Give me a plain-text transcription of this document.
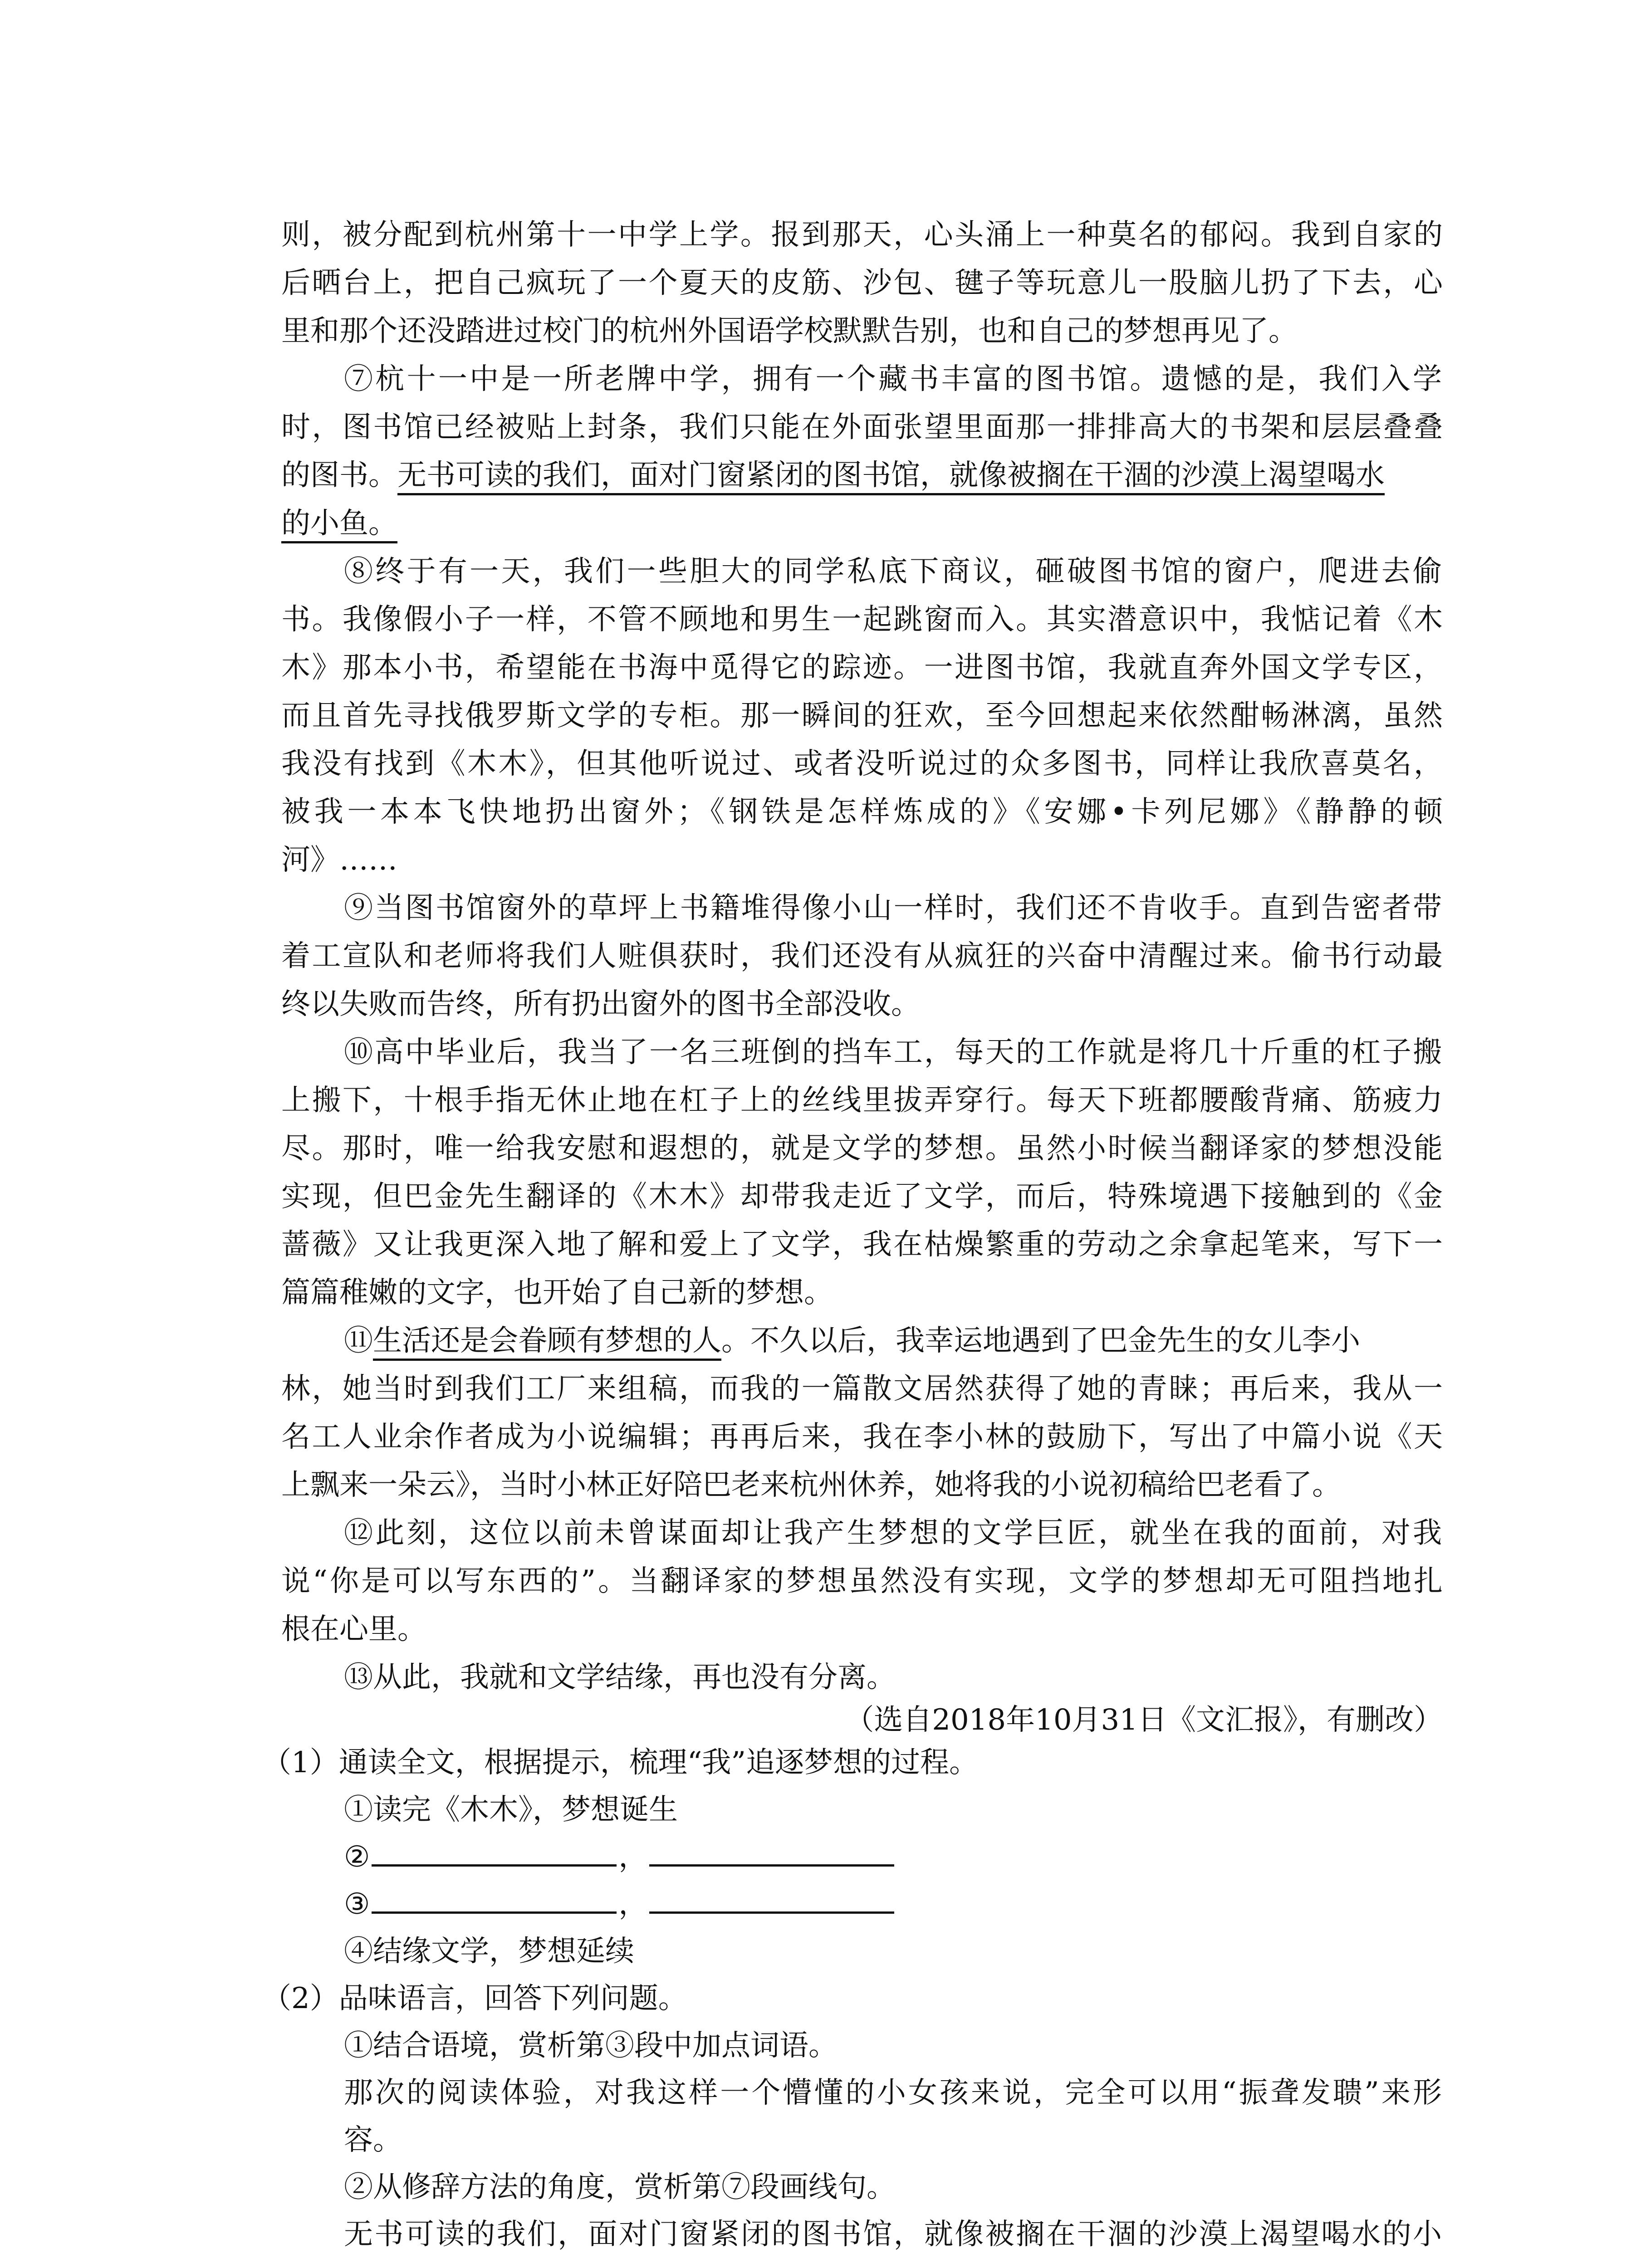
则，被分配到杭州第十一中学上学。报到那天，心头涌上一种莫名的郁闷。我到自家的
后晒台上，把自己疯玩了一个夏天的皮筋、沙包、毽子等玩意儿一股脑儿扔了下去，心
里和那个还没踏进过校门的杭州外国语学校默默告别，也和自己的梦想再见了。
⑦杭十一中是一所老牌中学，拥有一个藏书丰富的图书馆。遗憾的是，我们入学
时，图书馆已经被贴上封条，我们只能在外面张望里面那一排排高大的书架和层层叠叠
的图书。无书可读的我们，面对门窗紧闭的图书馆，就像被搁在干涸的沙漠上渴望喝水
的小鱼。
⑧终于有一天，我们一些胆大的同学私底下商议，砸破图书馆的窗户，爬进去偷
书。我像假小子一样，不管不顾地和男生一起跳窗而入。其实潜意识中，我惦记着《木
木》那本小书，希望能在书海中觅得它的踪迹。一进图书馆，我就直奔外国文学专区，
而且首先寻找俄罗斯文学的专柜。那一瞬间的狂欢，至今回想起来依然酣畅淋漓，虽然
我没有找到《木木》，但其他听说过、或者没听说过的众多图书，同样让我欣喜莫名，
被我一本本飞快地扔出窗外；《钢铁是怎样炼成的》《安娜•卡列尼娜》《静静的顿
河》……
⑨当图书馆窗外的草坪上书籍堆得像小山一样时，我们还不肯收手。直到告密者带
着工宣队和老师将我们人赃俱获时，我们还没有从疯狂的兴奋中清醒过来。偷书行动最
终以失败而告终，所有扔出窗外的图书全部没收。
⑩高中毕业后，我当了一名三班倒的挡车工，每天的工作就是将几十斤重的杠子搬
上搬下，十根手指无休止地在杠子上的丝线里拔弄穿行。每天下班都腰酸背痛、筋疲力
尽。那时，唯一给我安慰和遐想的，就是文学的梦想。虽然小时候当翻译家的梦想没能
实现，但巴金先生翻译的《木木》却带我走近了文学，而后，特殊境遇下接触到的《金
蔷薇》又让我更深入地了解和爱上了文学，我在枯燥繁重的劳动之余拿起笔来，写下一
篇篇稚嫩的文字，也开始了自己新的梦想。
⑪生活还是会眷顾有梦想的人。不久以后，我幸运地遇到了巴金先生的女儿李小
林，她当时到我们工厂来组稿，而我的一篇散文居然获得了她的青睐；再后来，我从一
名工人业余作者成为小说编辑；再再后来，我在李小林的鼓励下，写出了中篇小说《天
上飘来一朵云》，当时小林正好陪巴老来杭州休养，她将我的小说初稿给巴老看了。
⑫此刻，这位以前未曾谋面却让我产生梦想的文学巨匠，就坐在我的面前，对我
说“你是可以写东西的”。当翻译家的梦想虽然没有实现，文学的梦想却无可阻挡地扎
根在心里。
⑬从此，我就和文学结缘，再也没有分离。
（选自2018年10月31日《文汇报》，有删改）
（1）通读全文，根据提示，梳理“我”追逐梦想的过程。
①读完《木木》，梦想诞生
②	，
③	，
④结缘文学，梦想延续
（2）品味语言，回答下列问题。
①结合语境，赏析第③段中加点词语。
那次的阅读体验，对我这样一个懵懂的小女孩来说，完全可以用“振聋发聩”来形
容。
②从修辞方法的角度，赏析第⑦段画线句。
无书可读的我们，面对门窗紧闭的图书馆，就像被搁在干涸的沙漠上渴望喝水的小
